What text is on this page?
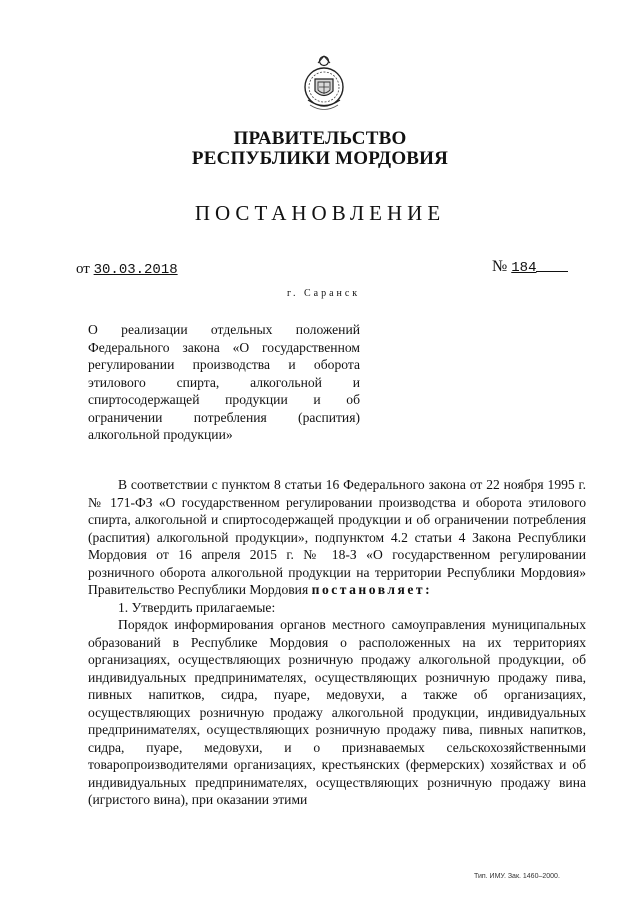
ПРАВИТЕЛЬСТВО
РЕСПУБЛИКИ МОРДОВИЯ
ПОСТАНОВЛЕНИЕ
от 30.03.2018	№ 184
г. Саранск
О реализации отдельных положений Федерального закона «О государственном регулировании производства и оборота этилового спирта, алкогольной и спиртосодержащей продукции и об ограничении потребления (распития) алкогольной продукции»

В соответствии с пунктом 8 статьи 16 Федерального закона от 22 ноября 1995 г. № 171-ФЗ «О государственном регулировании производства и оборота этилового спирта, алкогольной и спиртосодержащей продукции и об ограничении потребления (распития) алкогольной продукции», подпунктом 4.2 статьи 4 Закона Республики Мордовия от 16 апреля 2015 г. № 18-З «О государственном регулировании розничного оборота алкогольной продукции на территории Республики Мордовия» Правительство Республики Мордовия постановляет:

1. Утвердить прилагаемые:

Порядок информирования органов местного самоуправления муниципальных образований в Республике Мордовия о расположенных на их территориях организациях, осуществляющих розничную продажу алкогольной продукции, об индивидуальных предпринимателях, осуществляющих розничную продажу пива, пивных напитков, сидра, пуаре, медовухи, а также об организациях, осуществляющих розничную продажу алкогольной продукции, индивидуальных предпринимателях, осуществляющих розничную продажу пива, пивных напитков, сидра, пуаре, медовухи, и о признаваемых сельскохозяйственными товаропроизводителями организациях, крестьянских (фермерских) хозяйствах и об индивидуальных предпринимателях, осуществляющих розничную продажу вина (игристого вина), при оказании этими

Тип. ИМУ. Зак. 1460–2000.
